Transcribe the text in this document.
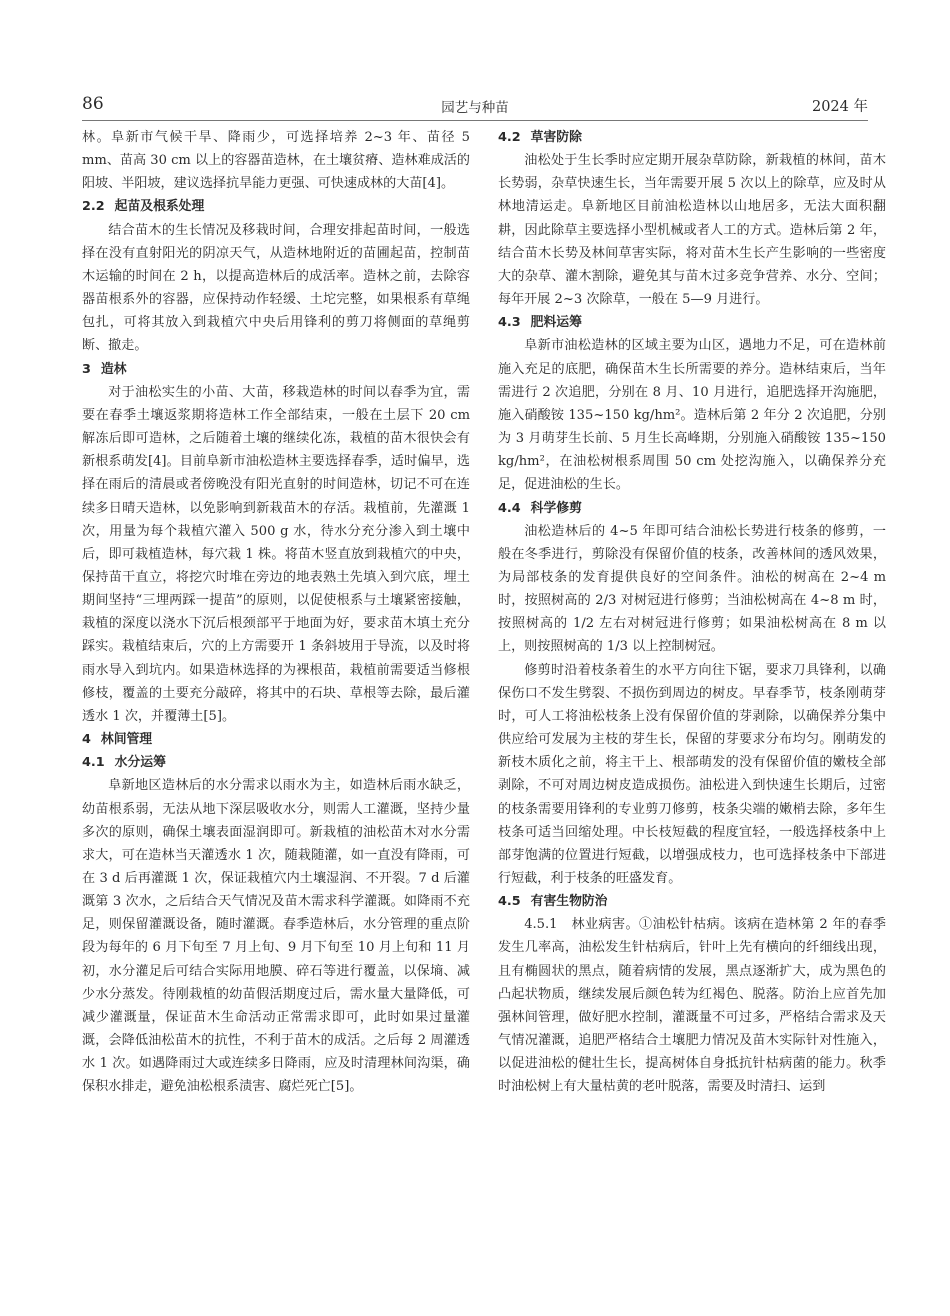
86	园艺与种苗	2024 年

林。阜新市气候干旱、降雨少，可选择培养 2~3 年、苗径 5 mm、苗高 30 cm 以上的容器苗造林，在土壤贫瘠、造林难成活的阳坡、半阳坡，建议选择抗旱能力更强、可快速成林的大苗[4]。

2.2 起苗及根系处理

结合苗木的生长情况及移栽时间，合理安排起苗时间，一般选择在没有直射阳光的阴凉天气，从造林地附近的苗圃起苗，控制苗木运输的时间在 2 h，以提高造林后的成活率。造林之前，去除容器苗根系外的容器，应保持动作轻缓、土坨完整，如果根系有草绳包扎，可将其放入到栽植穴中央后用锋利的剪刀将侧面的草绳剪断、撤走。

3 造林

对于油松实生的小苗、大苗，移栽造林的时间以春季为宜，需要在春季土壤返浆期将造林工作全部结束，一般在土层下 20 cm 解冻后即可造林，之后随着土壤的继续化冻，栽植的苗木很快会有新根系萌发[4]。目前阜新市油松造林主要选择春季，适时偏早，选择在雨后的清晨或者傍晚没有阳光直射的时间造林，切记不可在连续多日晴天造林，以免影响到新栽苗木的存活。栽植前，先灌溉 1 次，用量为每个栽植穴灌入 500 g 水，待水分充分渗入到土壤中后，即可栽植造林，每穴栽 1 株。将苗木竖直放到栽植穴的中央，保持苗干直立，将挖穴时堆在旁边的地表熟土先填入到穴底，埋土期间坚持“三埋两踩一提苗”的原则，以促使根系与土壤紧密接触，栽植的深度以浇水下沉后根颈部平于地面为好，要求苗木填土充分踩实。栽植结束后，穴的上方需要开 1 条斜坡用于导流，以及时将雨水导入到坑内。如果造林选择的为裸根苗，栽植前需要适当修根修枝，覆盖的土要充分敲碎，将其中的石块、草根等去除，最后灌透水 1 次，并覆薄土[5]。

4 林间管理

4.1 水分运筹

阜新地区造林后的水分需求以雨水为主，如造林后雨水缺乏，幼苗根系弱，无法从地下深层吸收水分，则需人工灌溉，坚持少量多次的原则，确保土壤表面湿润即可。新栽植的油松苗木对水分需求大，可在造林当天灌透水 1 次，随栽随灌，如一直没有降雨，可在 3 d 后再灌溉 1 次，保证栽植穴内土壤湿润、不开裂。7 d 后灌溉第 3 次水，之后结合天气情况及苗木需求科学灌溉。如降雨不充足，则保留灌溉设备，随时灌溉。春季造林后，水分管理的重点阶段为每年的 6 月下旬至 7 月上旬、9 月下旬至 10 月上旬和 11 月初，水分灌足后可结合实际用地膜、碎石等进行覆盖，以保墒、减少水分蒸发。待刚栽植的幼苗假活期度过后，需水量大量降低，可减少灌溉量，保证苗木生命活动正常需求即可，此时如果过量灌溉，会降低油松苗木的抗性，不利于苗木的成活。之后每 2 周灌透水 1 次。如遇降雨过大或连续多日降雨，应及时清理林间沟渠，确保积水排走，避免油松根系渍害、腐烂死亡[5]。

4.2 草害防除

油松处于生长季时应定期开展杂草防除，新栽植的林间，苗木长势弱，杂草快速生长，当年需要开展 5 次以上的除草，应及时从林地清运走。阜新地区目前油松造林以山地居多，无法大面积翻耕，因此除草主要选择小型机械或者人工的方式。造林后第 2 年，结合苗木长势及林间草害实际，将对苗木生长产生影响的一些密度大的杂草、灌木割除，避免其与苗木过多竞争营养、水分、空间；每年开展 2~3 次除草，一般在 5—9 月进行。

4.3 肥料运筹

阜新市油松造林的区域主要为山区，遇地力不足，可在造林前施入充足的底肥，确保苗木生长所需要的养分。造林结束后，当年需进行 2 次追肥，分别在 8 月、10 月进行，追肥选择开沟施肥，施入硝酸铵 135~150 kg/hm²。造林后第 2 年分 2 次追肥，分别为 3 月萌芽生长前、5 月生长高峰期，分别施入硝酸铵 135~150 kg/hm²，在油松树根系周围 50 cm 处挖沟施入，以确保养分充足，促进油松的生长。

4.4 科学修剪

油松造林后的 4~5 年即可结合油松长势进行枝条的修剪，一般在冬季进行，剪除没有保留价值的枝条，改善林间的透风效果，为局部枝条的发育提供良好的空间条件。油松的树高在 2~4 m 时，按照树高的 2/3 对树冠进行修剪；当油松树高在 4~8 m 时，按照树高的 1/2 左右对树冠进行修剪；如果油松树高在 8 m 以上，则按照树高的 1/3 以上控制树冠。

修剪时沿着枝条着生的水平方向往下锯，要求刀具锋利，以确保伤口不发生劈裂、不损伤到周边的树皮。早春季节，枝条刚萌芽时，可人工将油松枝条上没有保留价值的芽剥除，以确保养分集中供应给可发展为主枝的芽生长，保留的芽要求分布均匀。刚萌发的新枝木质化之前，将主干上、根部萌发的没有保留价值的嫩枝全部剥除，不可对周边树皮造成损伤。油松进入到快速生长期后，过密的枝条需要用锋利的专业剪刀修剪，枝条尖端的嫩梢去除，多年生枝条可适当回缩处理。中长枝短截的程度宜轻，一般选择枝条中上部芽饱满的位置进行短截，以增强成枝力，也可选择枝条中下部进行短截，利于枝条的旺盛发育。

4.5 有害生物防治

4.5.1　林业病害。①油松针枯病。该病在造林第 2 年的春季发生几率高，油松发生针枯病后，针叶上先有横向的纤细线出现，且有椭圆状的黑点，随着病情的发展，黑点逐渐扩大，成为黑色的凸起状物质，继续发展后颜色转为红褐色、脱落。防治上应首先加强林间管理，做好肥水控制，灌溉量不可过多，严格结合需求及天气情况灌溉，追肥严格结合土壤肥力情况及苗木实际针对性施入，以促进油松的健壮生长，提高树体自身抵抗针枯病菌的能力。秋季时油松树上有大量枯黄的老叶脱落，需要及时清扫、运到
